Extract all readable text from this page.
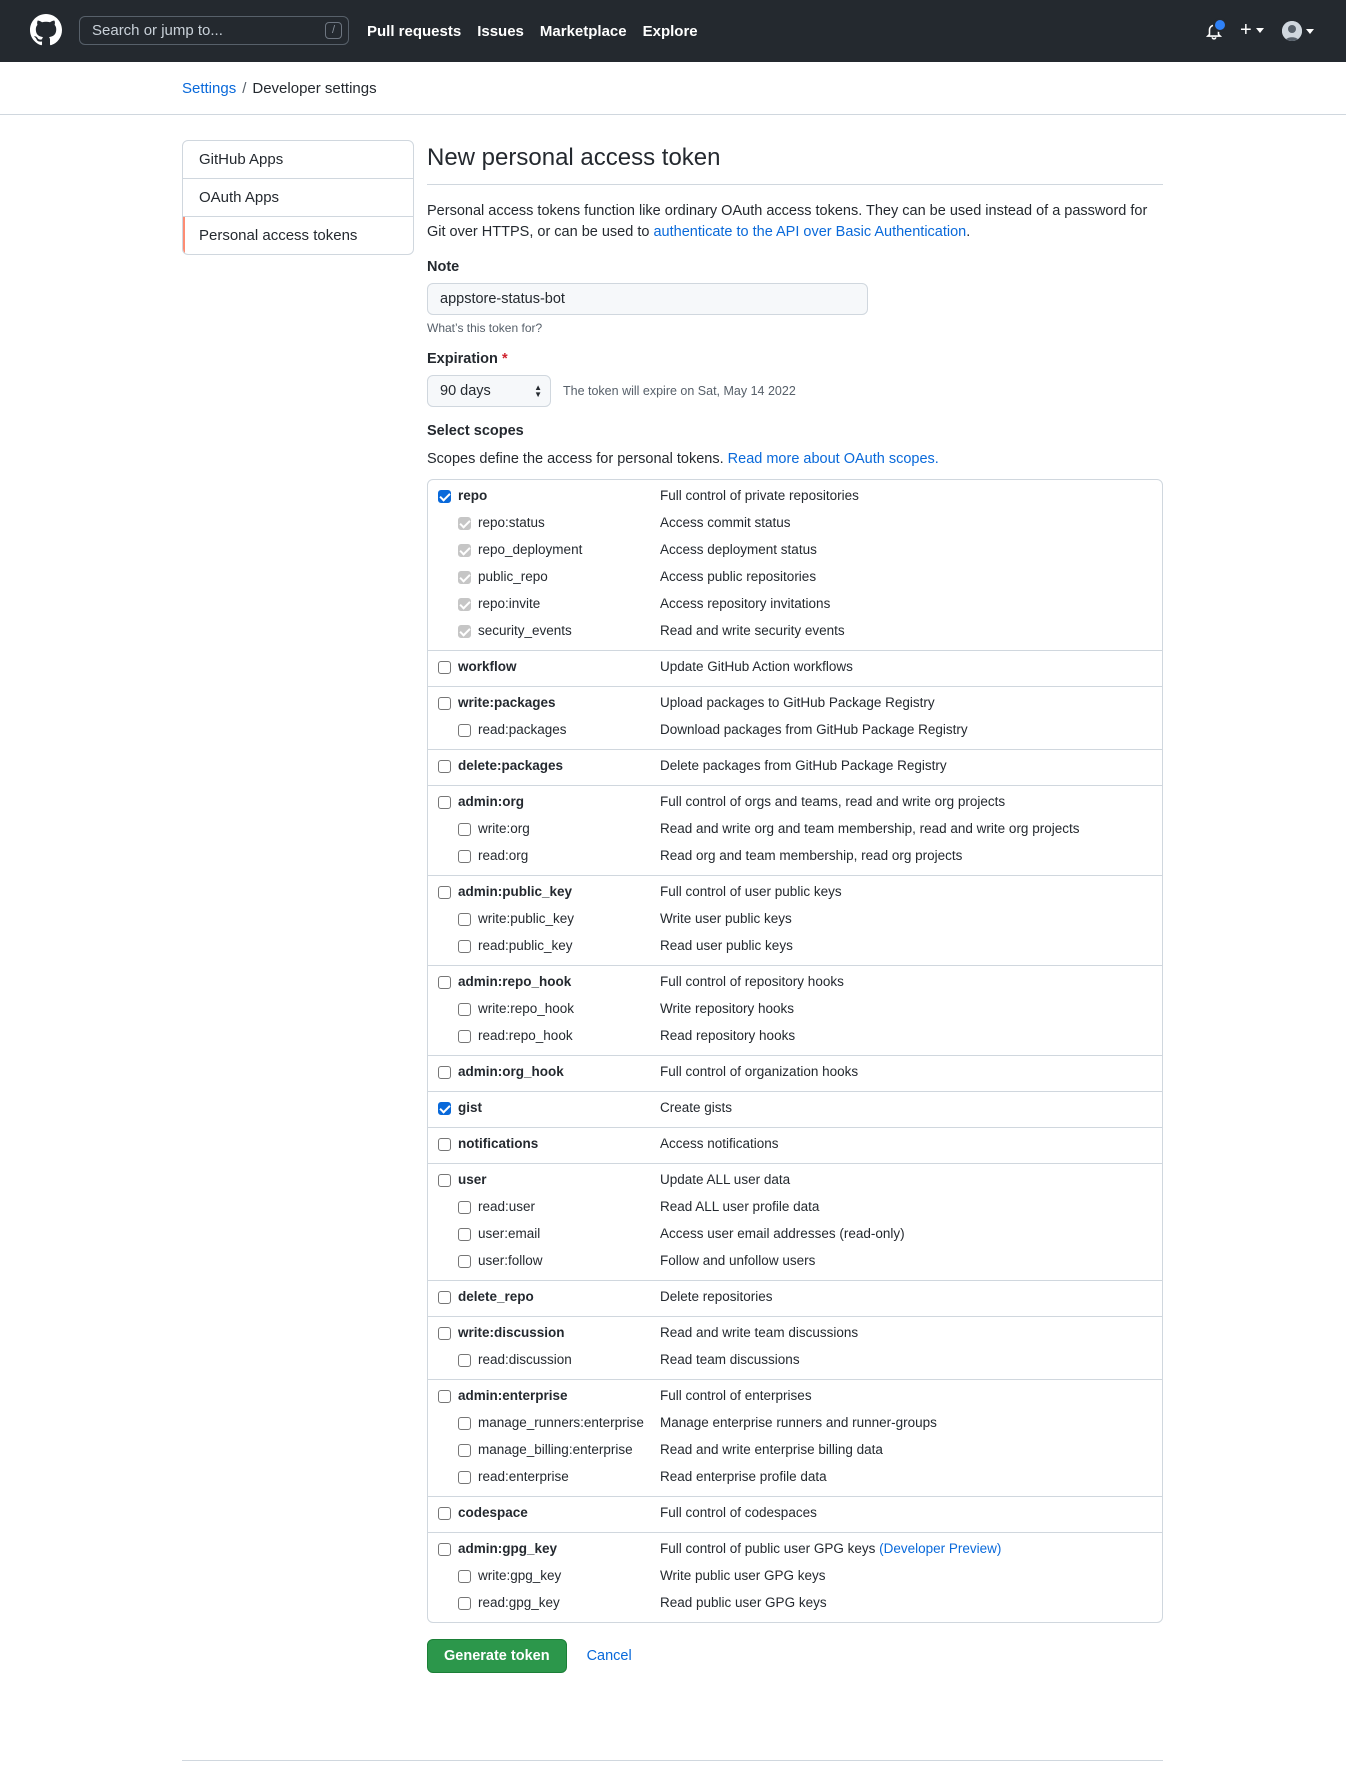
Search or jump to...	/	Pull requests Issues Marketplace Explore	+
Settings / Developer settings
GitHub Apps
OAuth Apps
Personal access tokens
New personal access token

Personal access tokens function like ordinary OAuth access tokens. They can be used instead of a password for Git over HTTPS, or can be used to authenticate to the API over Basic Authentication.

Note
appstore-status-bot
What’s this token for?
Expiration *
90 days	▲
▼ The token will expire on Sat, May 14 2022
Select scopes
Scopes define the access for personal tokens. Read more about OAuth scopes.
repo	Full control of private repositories
repo:status	Access commit status
repo_deployment	Access deployment status
public_repo	Access public repositories
repo:invite	Access repository invitations
security_events	Read and write security events
workflow	Update GitHub Action workflows
write:packages	Upload packages to GitHub Package Registry
read:packages	Download packages from GitHub Package Registry
delete:packages	Delete packages from GitHub Package Registry
admin:org	Full control of orgs and teams, read and write org projects
write:org	Read and write org and team membership, read and write org projects
read:org	Read org and team membership, read org projects
admin:public_key	Full control of user public keys
write:public_key	Write user public keys
read:public_key	Read user public keys
admin:repo_hook	Full control of repository hooks
write:repo_hook	Write repository hooks
read:repo_hook	Read repository hooks
admin:org_hook	Full control of organization hooks
gist	Create gists
notifications	Access notifications
user	Update ALL user data
read:user	Read ALL user profile data
user:email	Access user email addresses (read-only)
user:follow	Follow and unfollow users
delete_repo	Delete repositories
write:discussion	Read and write team discussions
read:discussion	Read team discussions
admin:enterprise	Full control of enterprises
manage_runners:enterprise Manage enterprise runners and runner-groups
manage_billing:enterprise Read and write enterprise billing data
read:enterprise	Read enterprise profile data
codespace	Full control of codespaces
admin:gpg_key	Full control of public user GPG keys (Developer Preview)
write:gpg_key	Write public user GPG keys
read:gpg_key	Read public user GPG keys
Generate token	Cancel
